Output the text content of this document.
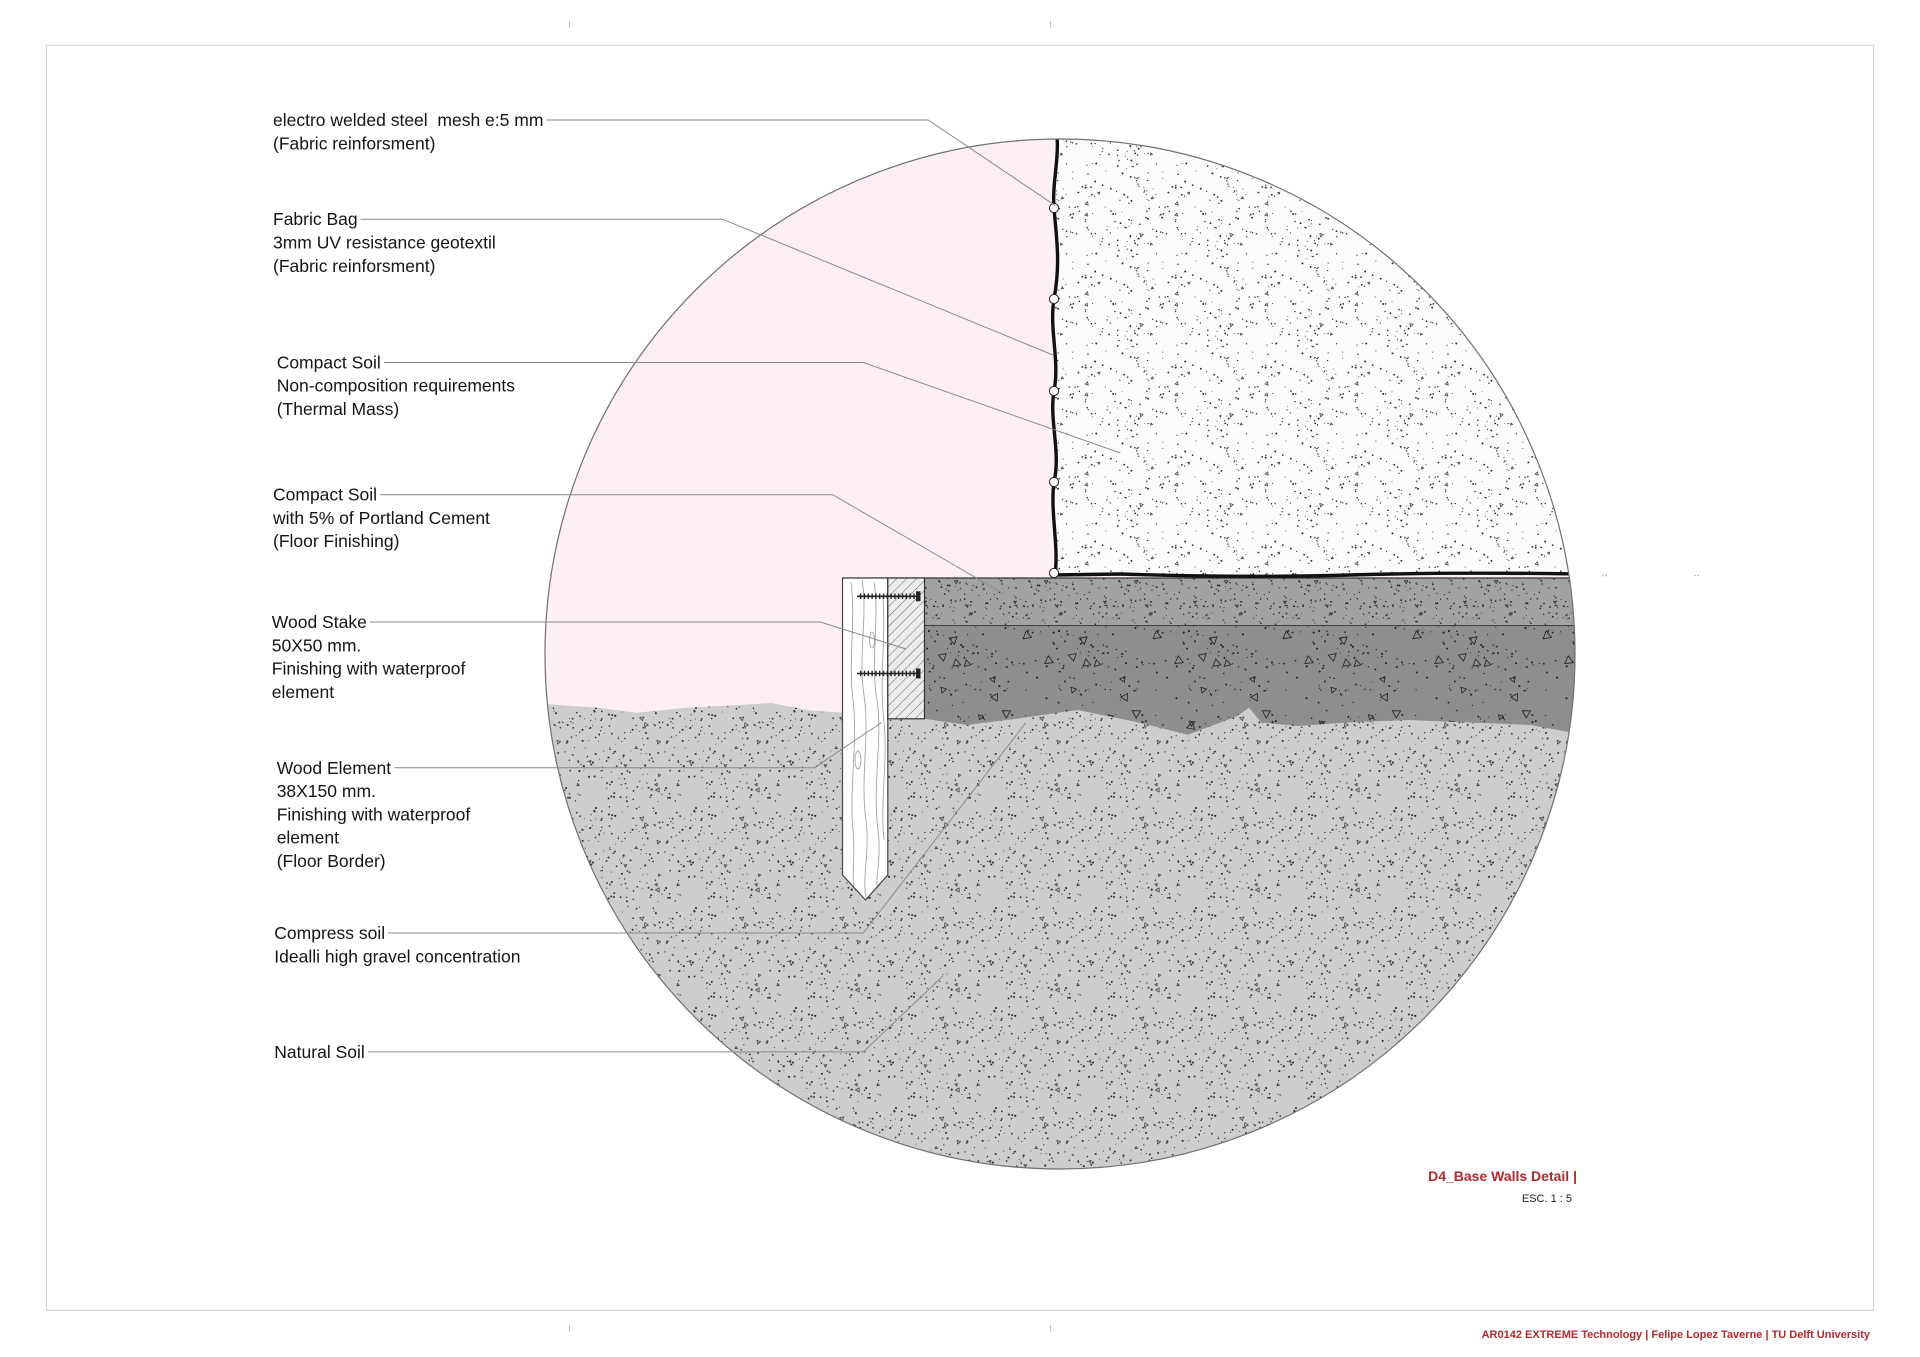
electro welded steel  mesh e:5 mm
(Fabric reinforsment)
Fabric Bag
3mm UV resistance geotextil
(Fabric reinforsment)
Compact Soil
Non-composition requirements
(Thermal Mass)
Compact Soil
with 5% of Portland Cement
(Floor Finishing)
Wood Stake
50X50 mm.
Finishing with waterproof
element
Wood Element
38X150 mm.
Finishing with waterproof
element
(Floor Border)
Compress soil
Idealli high gravel concentration
Natural Soil
D4_Base Walls Detail |
ESC. 1 : 5
AR0142 EXTREME Technology | Felipe Lopez Taverne | TU Delft University
